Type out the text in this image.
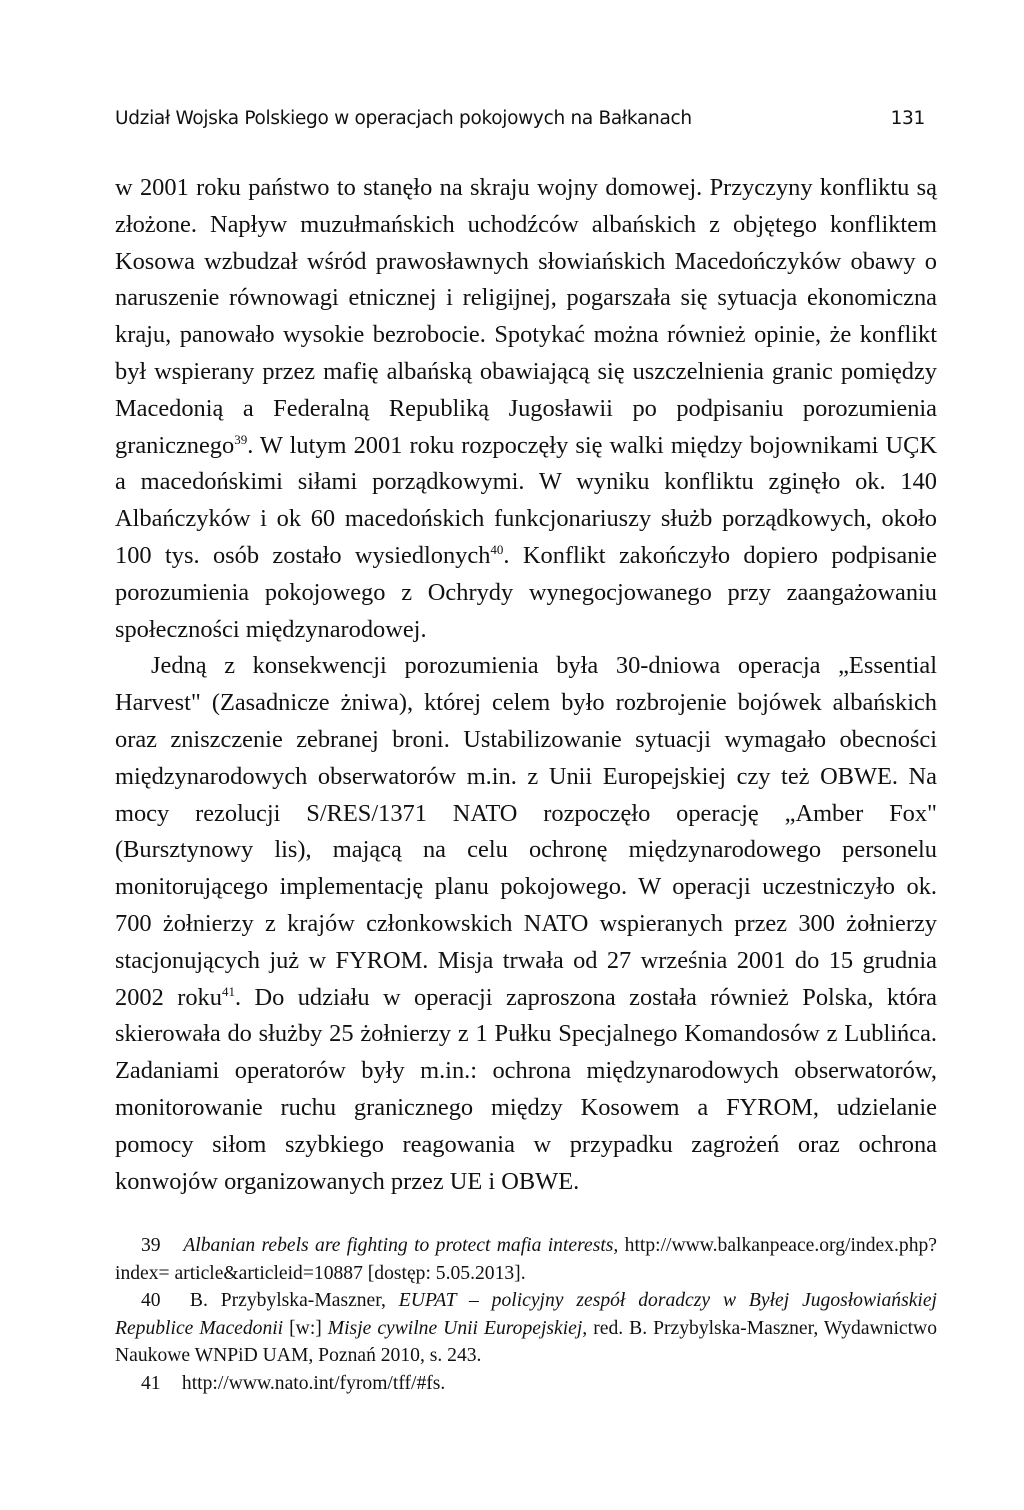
Udział Wojska Polskiego w operacjach pokojowych na Bałkanach	131

w 2001 roku państwo to stanęło na skraju wojny domowej. Przyczyny konfliktu są złożone. Napływ muzułmańskich uchodźców albańskich z objętego konfliktem Kosowa wzbudzał wśród prawosławnych słowiańskich Macedończyków obawy o naruszenie równowagi etnicznej i religijnej, pogarszała się sytuacja ekonomiczna kraju, panowało wysokie bezrobocie. Spotykać można również opinie, że konflikt był wspierany przez mafię albańską obawiającą się uszczelnienia granic pomiędzy Macedonią a Federalną Republiką Jugosławii po podpisaniu porozumienia granicznego$^{39}$. W lutym 2001 roku rozpoczęły się walki między bojownikami UÇK a macedońskimi siłami porządkowymi. W wyniku konfliktu zginęło ok. 140 Albańczyków i ok 60 macedońskich funkcjonariuszy służb porządkowych, około 100 tys. osób zostało wysiedlonych$^{40}$. Konflikt zakończyło dopiero podpisanie porozumienia pokojowego z Ochrydy wynegocjowanego przy zaangażowaniu społeczności międzynarodowej.

Jedną z konsekwencji porozumienia była 30-dniowa operacja „Essential Harvest" (Zasadnicze żniwa), której celem było rozbrojenie bojówek albańskich oraz zniszczenie zebranej broni. Ustabilizowanie sytuacji wymagało obecności międzynarodowych obserwatorów m.in. z Unii Europejskiej czy też OBWE. Na mocy rezolucji S/RES/1371 NATO rozpoczęło operację „Amber Fox" (Bursztynowy lis), mającą na celu ochronę międzynarodowego personelu monitorującego implementację planu pokojowego. W operacji uczestniczyło ok. 700 żołnierzy z krajów członkowskich NATO wspieranych przez 300 żołnierzy stacjonujących już w FYROM. Misja trwała od 27 września 2001 do 15 grudnia 2002 roku$^{41}$. Do udziału w operacji zaproszona została również Polska, która skierowała do służby 25 żołnierzy z 1 Pułku Specjalnego Komandosów z Lublińca. Zadaniami operatorów były m.in.: ochrona międzynarodowych obserwatorów, monitorowanie ruchu granicznego między Kosowem a FYROM, udzielanie pomocy siłom szybkiego reagowania w przypadku zagrożeń oraz ochrona konwojów organizowanych przez UE i OBWE.

39 Albanian rebels are fighting to protect mafia interests, http://www.balkanpeace.org/index.php?index= article&articleid=10887 [dostęp: 5.05.2013].

40 B. Przybylska-Maszner, EUPAT – policyjny zespół doradczy w Byłej Jugosłowiańskiej Republice Macedonii [w:] Misje cywilne Unii Europejskiej, red. B. Przybylska-Maszner, Wydawnictwo Naukowe WNPiD UAM, Poznań 2010, s. 243.

41 http://www.nato.int/fyrom/tff/#fs.
